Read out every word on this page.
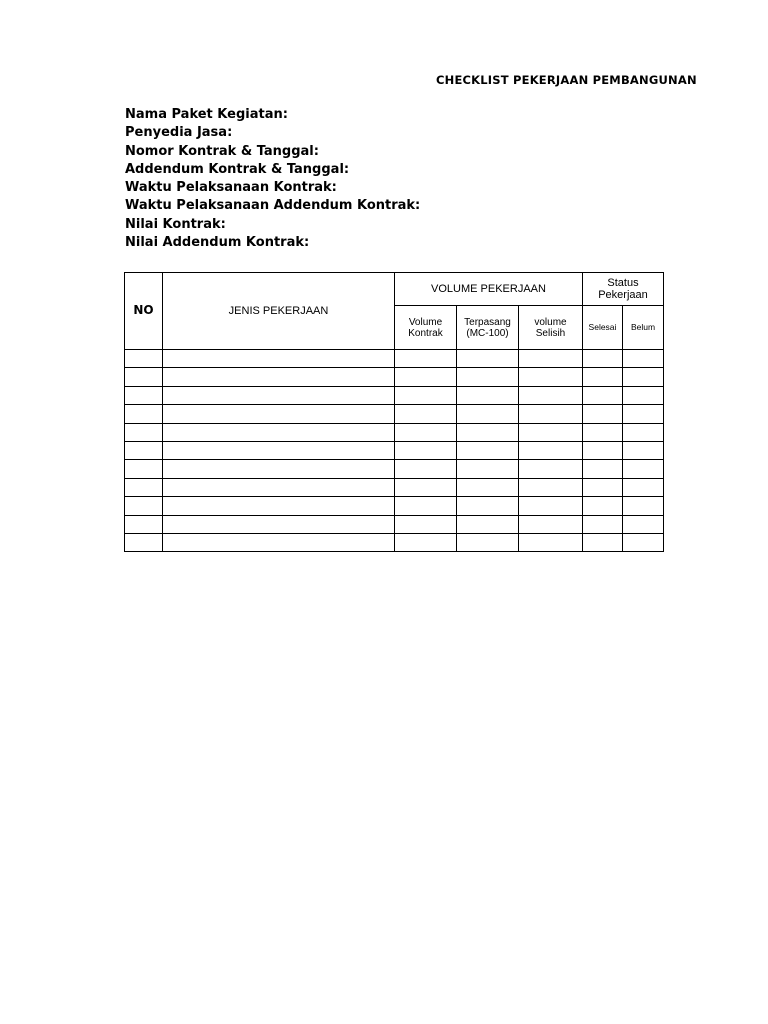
CHECKLIST PEKERJAAN PEMBANGUNAN
Nama Paket Kegiatan:
Penyedia Jasa:
Nomor Kontrak & Tanggal:
Addendum Kontrak & Tanggal:
Waktu Pelaksanaan Kontrak:
Waktu Pelaksanaan Addendum Kontrak:
Nilai Kontrak:
Nilai Addendum Kontrak:
NO	JENIS PEKERJAAN	VOLUME PEKERJAAN			Status Pekerjaan	
		Volume Kontrak	Terpasang (MC-100)	volume Selisih	Selesai	Belum
